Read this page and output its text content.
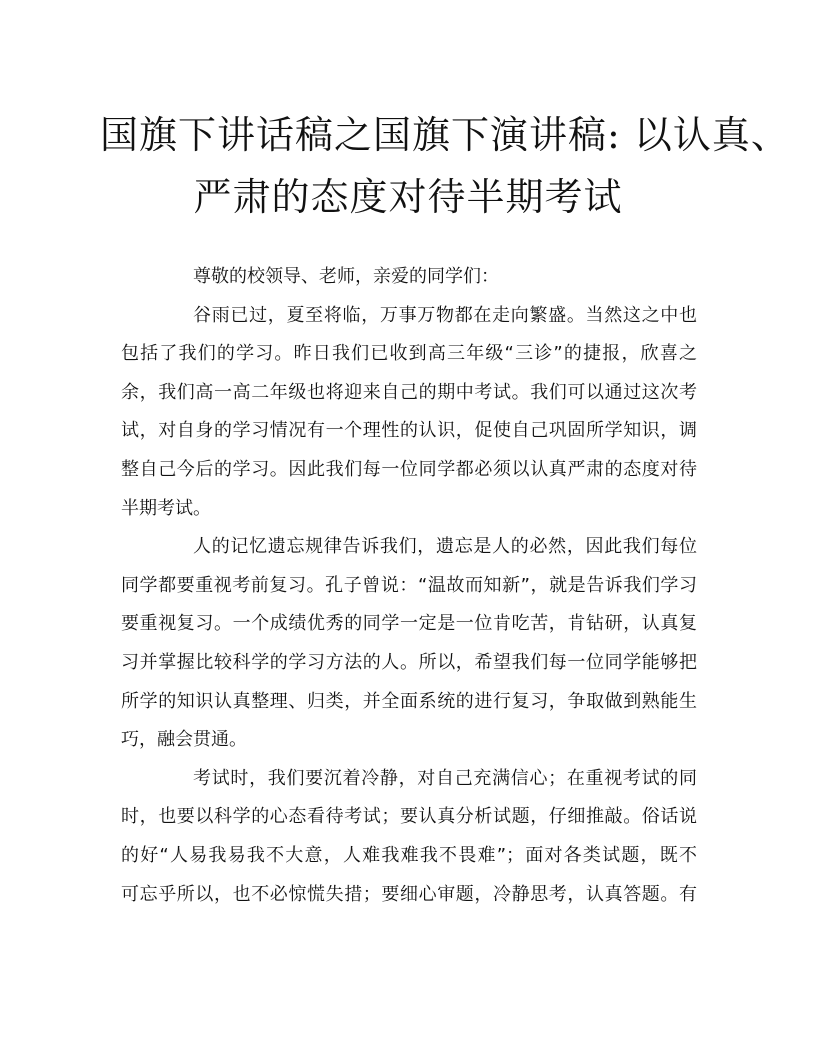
国旗下讲话稿之国旗下演讲稿: 以认真、
严肃的态度对待半期考试
尊敬的校领导、老师，亲爱的同学们：
谷雨已过，夏至将临，万事万物都在走向繁盛。当然这之中也
包括了我们的学习。昨日我们已收到高三年级“三诊”的捷报，欣喜之
余，我们高一高二年级也将迎来自己的期中考试。我们可以通过这次考
试，对自身的学习情况有一个理性的认识，促使自己巩固所学知识，调
整自己今后的学习。因此我们每一位同学都必须以认真严肃的态度对待
半期考试。
人的记忆遗忘规律告诉我们，遗忘是人的必然，因此我们每位
同学都要重视考前复习。孔子曾说：“温故而知新”，就是告诉我们学习
要重视复习。一个成绩优秀的同学一定是一位肯吃苦，肯钻研，认真复
习并掌握比较科学的学习方法的人。所以，希望我们每一位同学能够把
所学的知识认真整理、归类，并全面系统的进行复习，争取做到熟能生
巧，融会贯通。
考试时，我们要沉着冷静，对自己充满信心；在重视考试的同
时，也要以科学的心态看待考试；要认真分析试题，仔细推敲。俗话说
的好“人易我易我不大意，人难我难我不畏难”；面对各类试题，既不
可忘乎所以，也不必惊慌失措；要细心审题，冷静思考，认真答题。有
